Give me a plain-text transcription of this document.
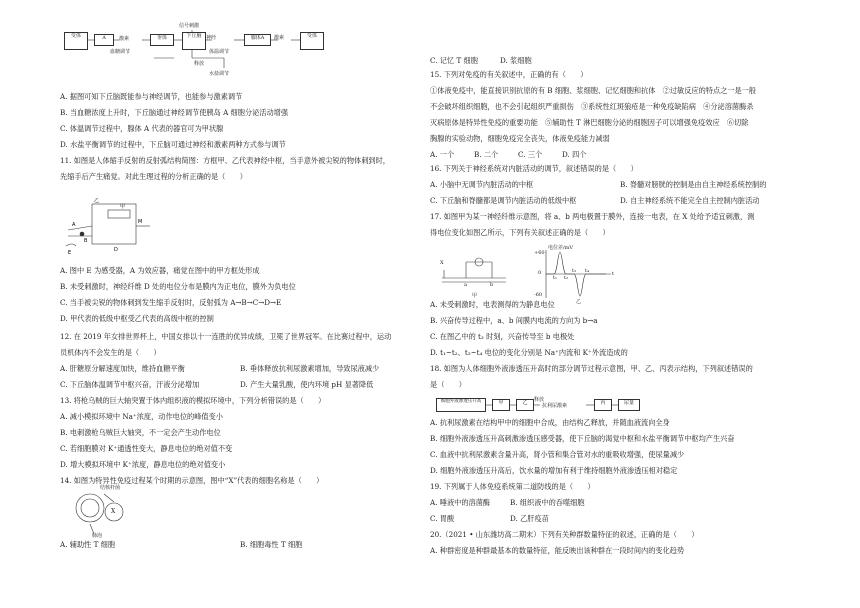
受体	A	激素
血糖调节
垂体
信号刺激
下丘脑 神经
体温调节
腺体A	激素	受体
释放
水盐调节
A. 据图可知下丘脑既能参与神经调节，也能参与激素调节
B. 当血糖浓度上升时，下丘脑通过神经调节使胰岛 A 细胞分泌活动增强
C. 体温调节过程中，腺体 A 代表的器官可为甲状腺
D. 水盐平衡调节的过程中，下丘脑可通过神经和激素两种方式参与调节
11. 如图是人体缩手反射的反射弧结构简图：方框甲、乙代表神经中枢，当手意外被尖锐的物体刺到时，
先缩手后产生痛觉。对此生理过程的分析正确的是（　　）
甲
乙
A
B
M
D
E
A. 图中 E 为感受器，A 为效应器，痛觉在图中的甲方框处形成
B. 未受刺激时，神经纤维 D 处的电位分布是膜内为正电位，膜外为负电位
C. 当手被尖锐的物体刺到发生缩手反射时，反射弧为 A→B→C→D→E
D. 甲代表的低级中枢受乙代表的高级中枢的控制
12. 在 2019 年女排世界杯上，中国女排以十一连胜的优异成绩，卫冕了世界冠军。在比赛过程中，运动
员机体内不会发生的是（　　）
A. 肝糖原分解速度加快，维持血糖平衡	B. 垂体释放抗利尿激素增加，导致尿液减少
C. 下丘脑体温调节中枢兴奋，汗液分泌增加	D. 产生大量乳酸，使内环境 pH 显著降低
13. 将枪乌贼的巨大轴突置于体内组织液的模拟环境中，下列分析错误的是（　　）
A. 减小模拟环境中 Na⁺浓度，动作电位的峰值变小
B. 电刺激枪乌贼巨大轴突，不一定会产生动作电位
C. 若细胞膜对 K⁺通透性变大，静息电位的绝对值不变
D. 增大模拟环境中 K⁺浓度，静息电位的绝对值变小
14. 如图为特异性免疫过程某个时期的示意图，图中“X”代表的细胞名称是（　　）
结核杆菌
X
肺泡
A. 辅助性 T 细胞	B. 细胞毒性 T 细胞
C. 记忆 T 细胞	D. 浆细胞
15. 下列对免疫的有关叙述中，正确的有（　　）
①体液免疫中，能直接识别抗原的有 B 细胞、浆细胞、记忆细胞和抗体　②过敏反应的特点之一是一般
不会破坏组织细胞，也不会引起组织严重损伤　③系统性红斑狼疮是一种免疫缺陷病　④分泌溶菌酶杀
灭病原体是特异性免疫的重要功能　⑤辅助性 T 淋巴细胞分泌的细胞因子可以增强免疫效应　⑥切除
胸腺的实验动物，细胞免疫完全丧失，体液免疫能力减弱
A. 一个	B. 二个	C. 三个	D. 四个
16. 下列关于神经系统对内脏活动的调节，叙述错误的是（　　）
A. 小脑中无调节内脏活动的中枢	B. 脊髓对膀胱的控制是由自主神经系统控制的
C. 下丘脑和脊髓都是调节内脏活动的低级中枢	D. 自主神经系统不能完全自主控制内脏活动
17. 如图甲为某一神经纤维示意图，将 a、b 两电极置于膜外，连接一电表，在 X 处给予适宜刺激，测
得电位变化如图乙所示，下列有关叙述正确的是（　　）
X
a	b
甲
电位差/mV
+60
0
-60
t₁ t₂
t₃ t₄	t
乙
A. 未受刺激时，电表测得的为静息电位
B. 兴奋传导过程中，a、b 间膜内电流的方向为 b→a
C. 在图乙中的 t₃ 时刻，兴奋传导至 b 电极处
D. t₁~t₂、t₃~t₄ 电位的变化分别是 Na⁺内流和 K⁺外流造成的
18. 如图为人体细胞外液渗透压升高时的部分调节过程示意图，甲、乙、丙表示结构，下列叙述错误的
是（　　）
细胞外液渗透压升高	甲	乙	释放
抗利尿激素	丙	尿量
A. 抗利尿激素在结构甲中的细胞中合成，由结构乙释放，并随血液流向全身
B. 细胞外液渗透压升高刺激渗透压感受器，使下丘脑的渴觉中枢和水盐平衡调节中枢均产生兴奋
C. 血液中抗利尿激素含量升高，肾小管和集合管对水的重吸收增强，使尿量减少
D. 细胞外液渗透压升高后，饮水量的增加有利于维持细胞外液渗透压相对稳定
19. 下列属于人体免疫系统第二道防线的是（　　）
A. 唾液中的溶菌酶	B. 组织液中的吞噬细胞
C. 胃酸	D. 乙肝疫苗
20.（2021 • 山东潍坊高二期末）下列有关种群数量特征的叙述，正确的是（　　）
A. 种群密度是种群最基本的数量特征，能反映出该种群在一段时间内的变化趋势
